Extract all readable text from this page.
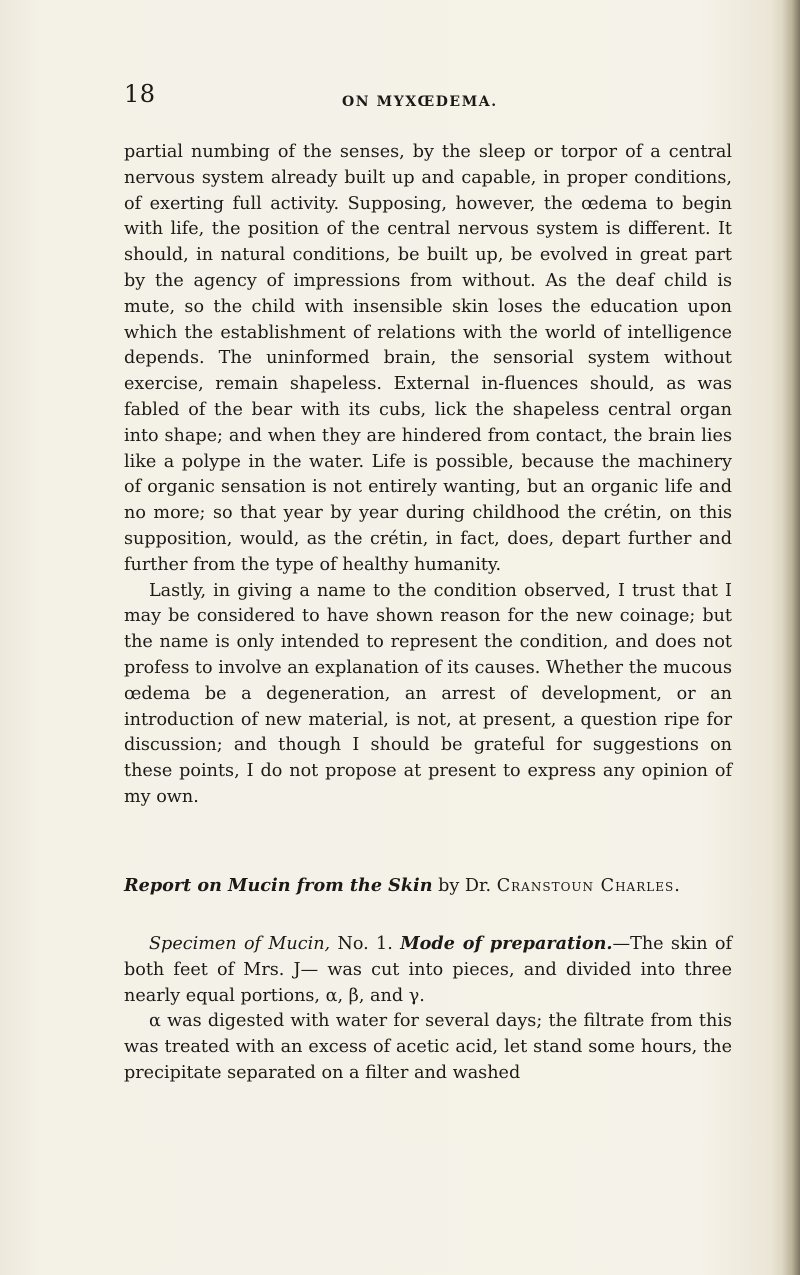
18	ON MYXŒDEMA.

partial numbing of the senses, by the sleep or torpor of a central nervous system already built up and capable, in proper conditions, of exerting full activity. Supposing, however, the œdema to begin with life, the position of the central nervous system is different. It should, in natural conditions, be built up, be evolved in great part by the agency of impressions from without. As the deaf child is mute, so the child with insensible skin loses the education upon which the establishment of relations with the world of intelligence depends. The uninformed brain, the sensorial system without exercise, remain shapeless. External in-fluences should, as was fabled of the bear with its cubs, lick the shapeless central organ into shape; and when they are hindered from contact, the brain lies like a polype in the water. Life is possible, because the machinery of organic sensation is not entirely wanting, but an organic life and no more; so that year by year during childhood the crétin, on this supposition, would, as the crétin, in fact, does, depart further and further from the type of healthy humanity.

Lastly, in giving a name to the condition observed, I trust that I may be considered to have shown reason for the new coinage; but the name is only intended to represent the condition, and does not profess to involve an explanation of its causes. Whether the mucous œdema be a degeneration, an arrest of development, or an introduction of new material, is not, at present, a question ripe for discussion; and though I should be grateful for suggestions on these points, I do not propose at present to express any opinion of my own.

Report on Mucin from the Skin by Dr. Cranstoun Charles.

Specimen of Mucin, No. 1. Mode of preparation.—The skin of both feet of Mrs. J— was cut into pieces, and divided into three nearly equal portions, α, β, and γ.

α was digested with water for several days; the filtrate from this was treated with an excess of acetic acid, let stand some hours, the precipitate separated on a filter and washed
